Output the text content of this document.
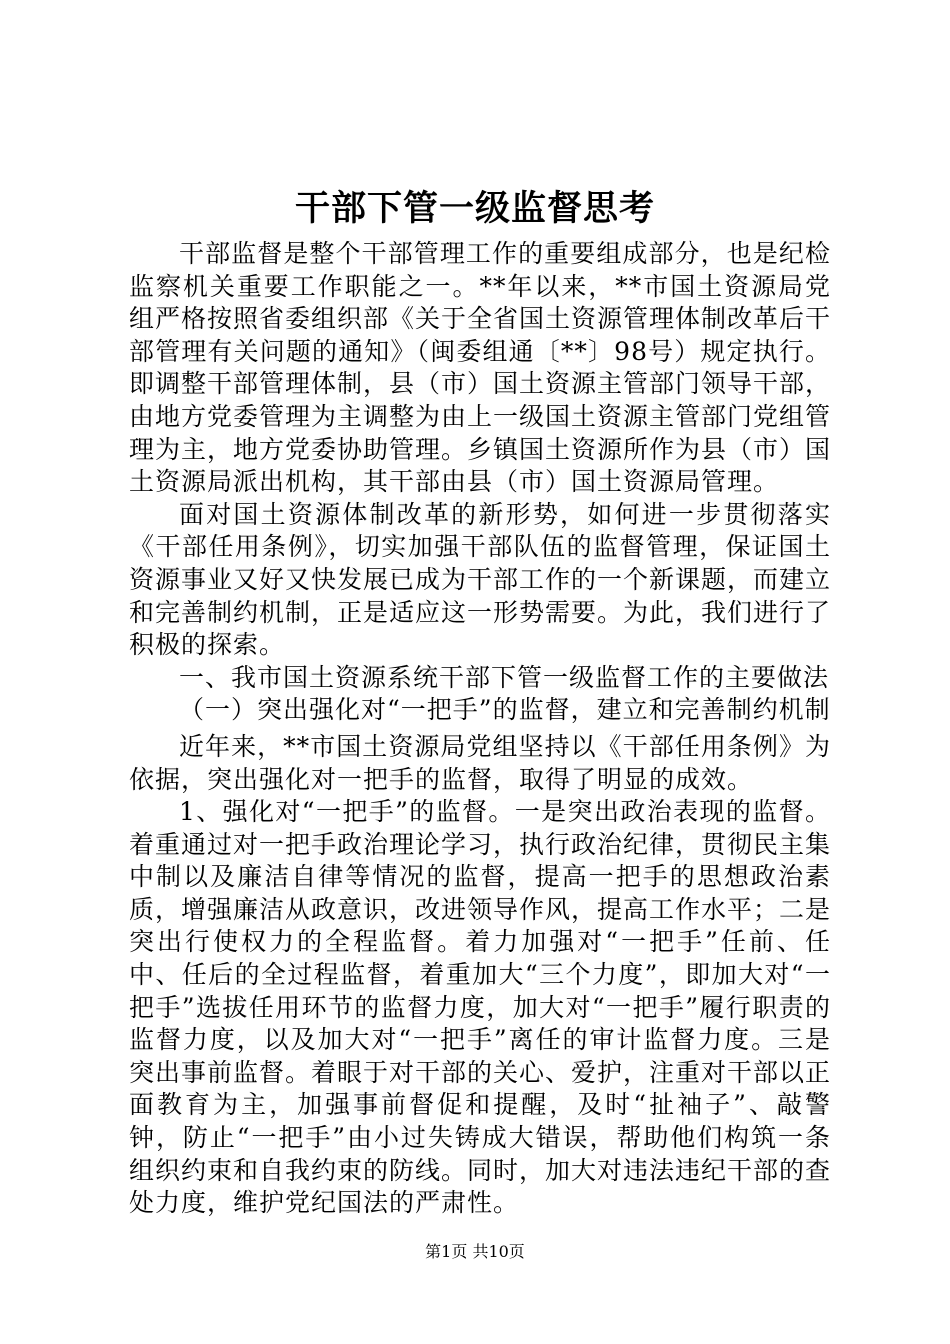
干部下管一级监督思考

干部监督是整个干部管理工作的重要组成部分，也是纪检监察机关重要工作职能之一。**年以来，**市国土资源局党组严格按照省委组织部《关于全省国土资源管理体制改革后干部管理有关问题的通知》（闽委组通〔**〕98号）规定执行。即调整干部管理体制，县（市）国土资源主管部门领导干部，由地方党委管理为主调整为由上一级国土资源主管部门党组管理为主，地方党委协助管理。乡镇国土资源所作为县（市）国土资源局派出机构，其干部由县（市）国土资源局管理。

面对国土资源体制改革的新形势，如何进一步贯彻落实《干部任用条例》，切实加强干部队伍的监督管理，保证国土资源事业又好又快发展已成为干部工作的一个新课题，而建立和完善制约机制，正是适应这一形势需要。为此，我们进行了积极的探索。

一、我市国土资源系统干部下管一级监督工作的主要做法

（一）突出强化对“一把手”的监督，建立和完善制约机制

近年来，**市国土资源局党组坚持以《干部任用条例》为依据，突出强化对一把手的监督，取得了明显的成效。

1、强化对“一把手”的监督。一是突出政治表现的监督。着重通过对一把手政治理论学习，执行政治纪律，贯彻民主集中制以及廉洁自律等情况的监督，提高一把手的思想政治素质，增强廉洁从政意识，改进领导作风，提高工作水平；二是突出行使权力的全程监督。着力加强对“一把手”任前、任中、任后的全过程监督，着重加大“三个力度”，即加大对“一把手”选拔任用环节的监督力度，加大对“一把手”履行职责的监督力度，以及加大对“一把手”离任的审计监督力度。三是突出事前监督。着眼于对干部的关心、爱护，注重对干部以正面教育为主，加强事前督促和提醒，及时“扯袖子”、敲警钟，防止“一把手”由小过失铸成大错误，帮助他们构筑一条组织约束和自我约束的防线。同时，加大对违法违纪干部的查处力度，维护党纪国法的严肃性。

第1页 共10页
